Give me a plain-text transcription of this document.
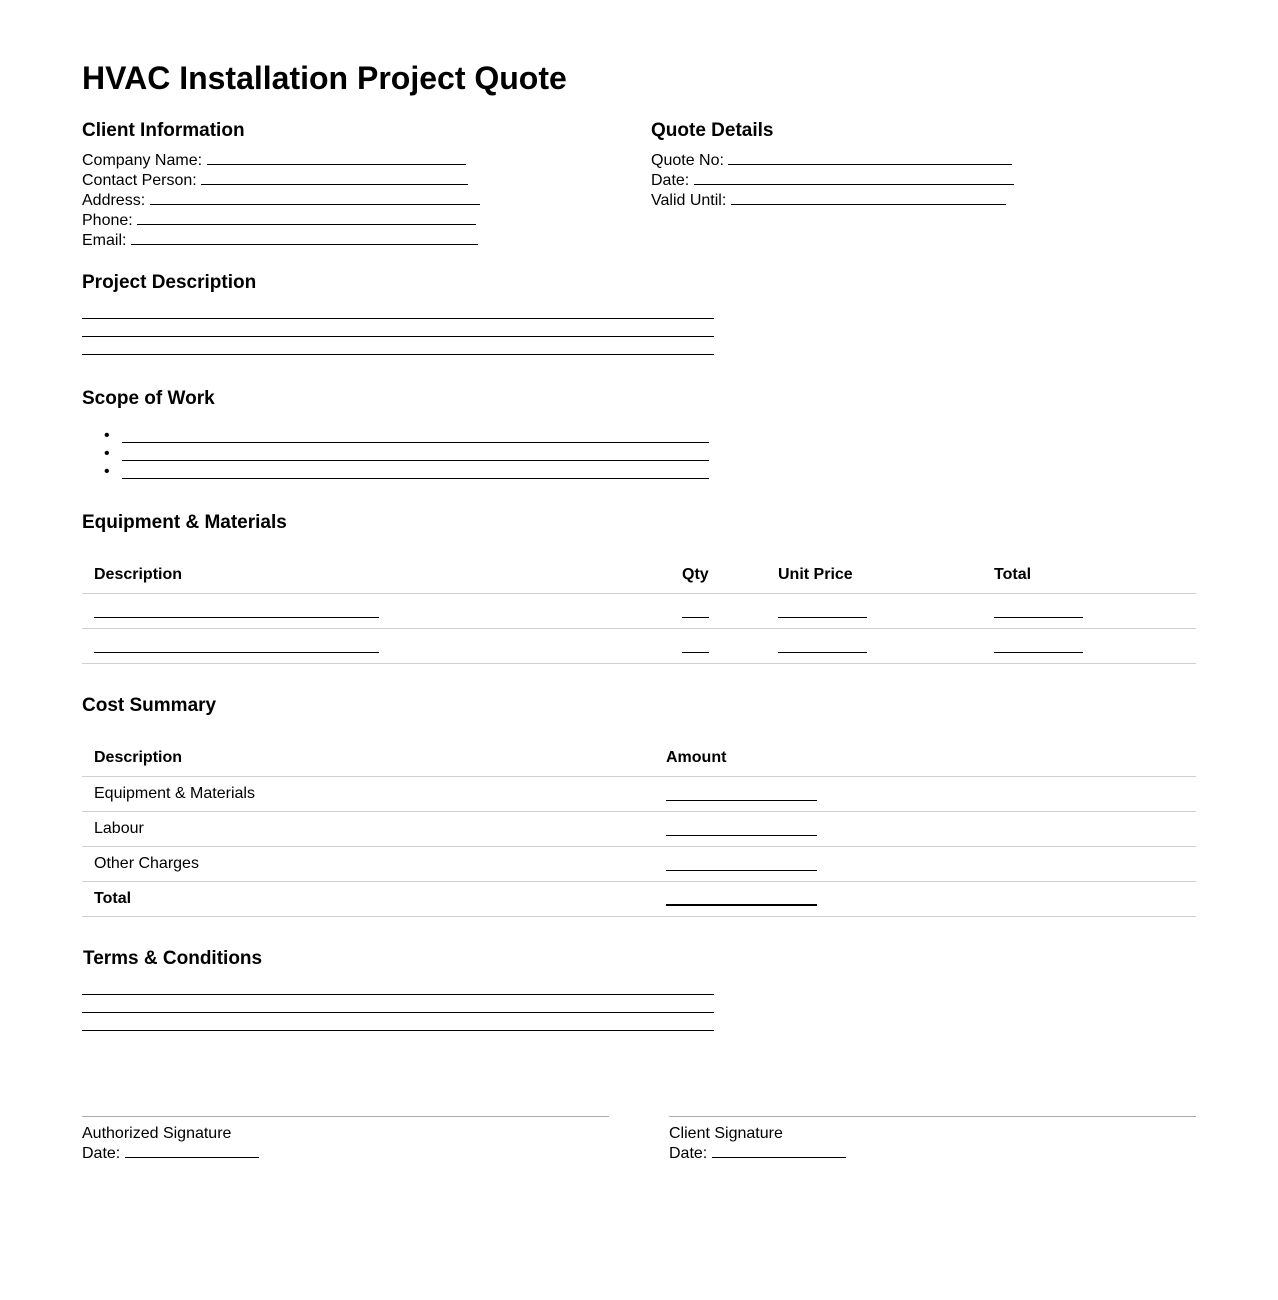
HVAC Installation Project Quote
Client Information
Company Name:
Contact Person:
Address:
Phone:
Email:
Quote Details
Quote No:
Date:
Valid Until:
Project Description
Scope of Work
•
•
•
Equipment & Materials
Description	Qty	Unit Price	Total

Cost Summary
Description	Amount
Equipment & Materials	
Labour	
Other Charges	
Total	
Terms & Conditions
Authorized Signature
Date:
Client Signature
Date:
